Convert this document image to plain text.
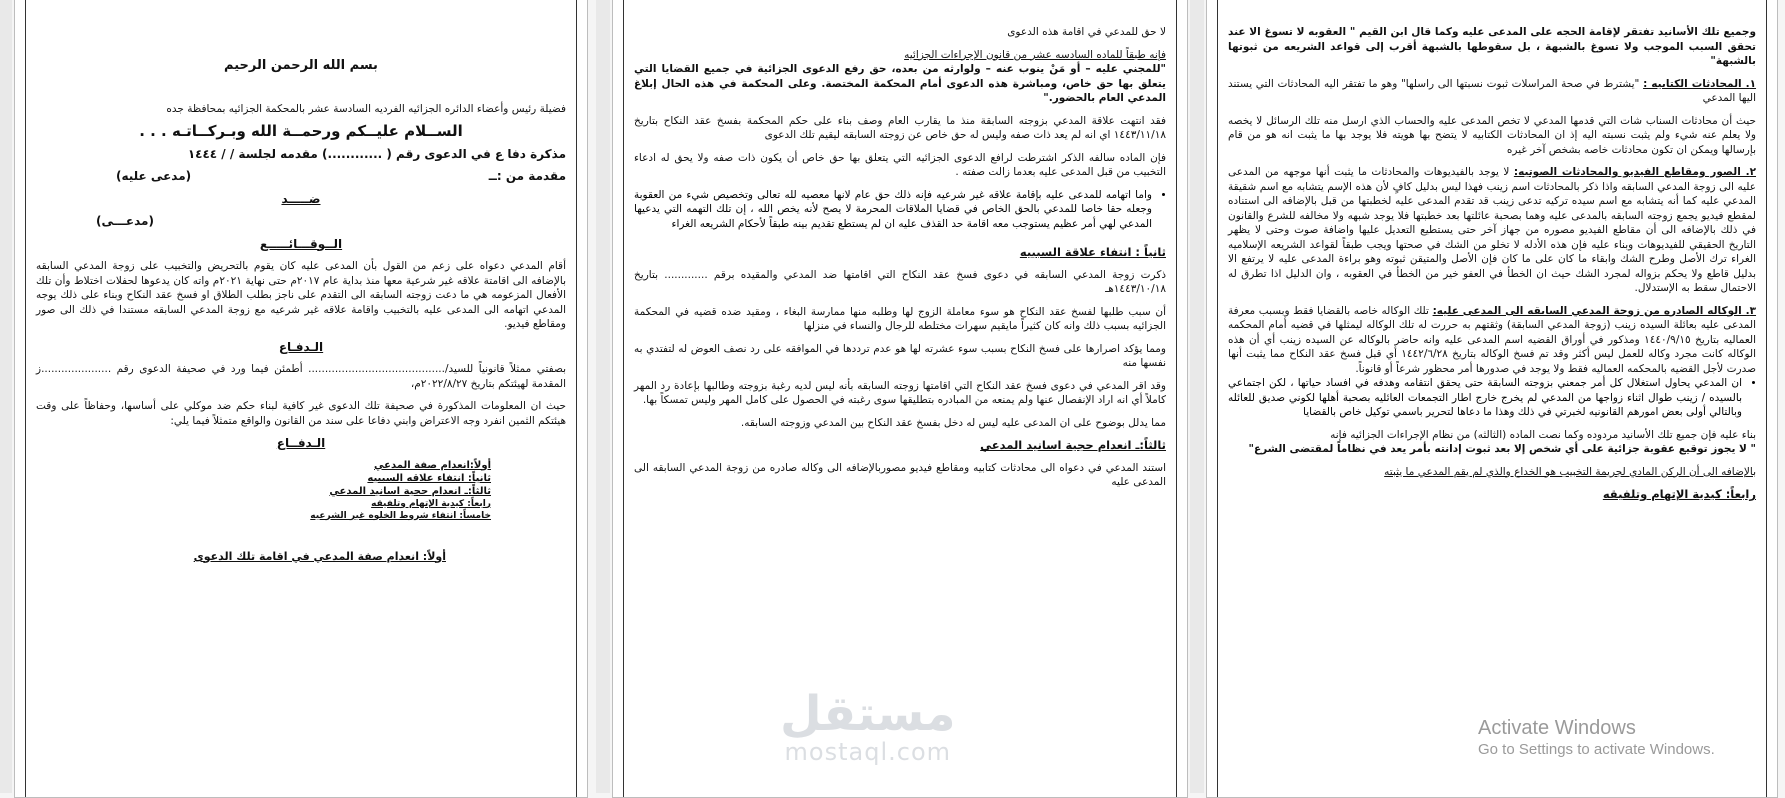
بسم الله الرحمن الرحيم

فضيلة رئيس وأعضاء الدائره الجزائيه الفرديه السادسة عشر بالمحكمة الجزائيه بمحافظة جده

الســلام عليــكم ورحمــة الله وبـركــاتـه . . .

مذكرة دفا ع في الدعوى رقم ( ............) مقدمه لجلسة / / ١٤٤٤

مقدمة من :ــ
(مدعى عليه)

ضـــــد

(مدعـــى)

الــوقـــائـــــع

أقام المدعي دعواه على زعم من القول بأن المدعى عليه كان يقوم بالتحريض والتخبيب على زوجة المدعي السابقه بالإضافه الى اقامتة علاقه غير شرعية معها منذ بداية عام ٢٠١٧م حتى نهاية ٢٠٢١م واته كان يدعوها لحفلات اختلاط وأن تلك الأفعال المزعومه هي ما دعت زوجته السابقه الى التقدم على ناجز بطلب الطلاق او فسخ عقد النكاح وبناء على ذلك يوجه المدعي اتهامه الى المدعى عليه بالتخبيب واقامة علاقه غير شرعيه مع زوجة المدعي السابقه مستندا في ذلك الى صور ومقاطع فيديو.

الـدفـاع

بصفتي ممثلاً قانونياً للسيد/......................................... أطمئن فيما ورد في صحيفة الدعوى رقم .....................ز المقدمة لهيئتكم بتاريخ ٢٠٢٢/٨/٢٧م،

حيث ان المعلومات المذكورة في صحيفة تلك الدعوى غير كافية لبناء حكم ضد موكلي على أساسها، وحفاظاً على وقت هيئتكم الثمين انفرد وجه الاعتراض وابني دفاعا على سند من القانون والواقع متمثلاً فيما يلي:

الـدفــاع

أولاً:انعدام صفة المدعي

ثانياً: انتفاء علاقه السببيه

ثالثاً:ـ انعدام حجية اسانيد المدعي

رابعاً: كيدية الإتهام وتلفيقه

خامساً: انتفاء شروط الخلوه غير الشرعيه

أولاً: انعدام صفة المدعي في اقامة تلك الدعوى

لا حق للمدعي في اقامة هذه الدعوى

فإنه طبقاً للماده السادسه عشر من قانون الإجراءات الجزائيه

"للمجني عليه – أو مَنْ ينوب عنه – ولوارثه من بعده، حق رفع الدعوى الجزائية في جميع القضايا التي يتعلق بها حق خاص، ومباشرة هذه الدعوى أمام المحكمة المختصة. وعلى المحكمة في هذه الحال إبلاغ المدعي العام بالحضور."

فقد انتهت علاقة المدعي بزوجته السابقة منذ ما يقارب العام وصف بناء على حكم المحكمة بفسخ عقد النكاح بتاريخ ١٤٤٣/١١/١٨ اي انه لم يعد ذات صفه وليس له حق خاص عن زوجته السابقه ليقيم تلك الدعوى

فإن الماده سالفه الذكر اشترطت لرافع الدعوى الجزائيه التي يتعلق بها حق خاص أن يكون ذات صفه ولا يحق له ادعاء التخبيب من قبل المدعى عليه بعدما زالت صفته .

• واما اتهامه للمدعى عليه بإقامة علاقه غير شرعيه فإنه ذلك حق عام لانها معصيه لله تعالى وتخصيص شيء من العقوبة وجعله حقا خاصا للمدعي بالحق الخاص في قضايا الملاقات المحرمة لا يصح لأنه يخص الله ، إن تلك التهمه التي يدعيها المدعي لهي أمر عظيم يستوجب معه اقامة حد القذف عليه ان لم يستطع تقديم بينه طبقاً لأحكام الشريعه الغراء

ثانياً : انتفاء علاقة السببيه

ذكرت زوجة المدعي السابقه في دعوى فسخ عقد النكاح التي اقامتها ضد المدعي والمقيده برقم ............. بتاريخ ١٤٤٣/١٠/١٨هـ

أن سبب طلبها لفسخ عقد النكاح هو سوء معاملة الزوج لها وطلبه منها ممارسة البغاء ، ومقيد ضده قضيه في المحكمة الجزائيه بسبب ذلك وانه كان كثيراً مايقيم سهرات مختلطه للرجال والنساء في منزلها

ومما يؤكد اصرارها على فسخ النكاح بسبب سوء عشرته لها هو عدم ترددها في الموافقه على رد نصف العوض له لتفتدي به نفسها منه

وقد اقر المدعي في دعوى فسخ عقد النكاح التي اقامتها زوجته السابقه بأنه ليس لديه رغبة بزوجته وطالبها بإعادة رد المهر كاملاً أي انه اراد الإنفصال عنها ولم يمنعه من المبادره بتطليقها سوى رغبته في الحصول على كامل المهر وليس تمسكاً بها.

مما يدلل بوضوح على ان المدعى عليه ليس له دخل بفسخ عقد النكاح بين المدعي وزوجته السابقه.

ثالثاً:ـ انعدام حجية اسانيد المدعي

استند المدعي في دعواه الى محادثات كتابيه ومقاطع فيديو مصوربالإضافه الى وكاله صادره من زوجة المدعي السابقه الى المدعى عليه

وجميع تلك الأسانيد تفتقر لإقامة الحجه على المدعى عليه وكما قال ابن القيم " العقوبه لا تسوغ الا عند تحقق السبب الموجب ولا تسوغ بالشبهة ، بل سقوطها بالشبهة أقرب إلى قواعد الشريعه من ثبوتها بالشبهة"

١. المحادثات الكتابيه : "يشترط في صحة المراسلات ثبوت نسبتها الى راسلها" وهو ما تفتقر اليه المحادثات التي يستند اليها المدعي

حيث أن محادثات السناب شات التي قدمها المدعي لا تخص المدعى عليه والحساب الذي ارسل منه تلك الرسائل لا يخصه ولا يعلم عنه شيء ولم يثبت نسبته اليه إذ ان المحادثات الكتابيه لا يتضح بها هويته فلا يوجد بها ما يثبت انه هو من قام بإرسالها ويمكن ان تكون محادثات خاصه بشخص آخر غيره

٢. الصور ومقاطع الفيديو والمحادثات الصوتيه: لا يوجد بالفيديوهات والمحادثات ما يثبت أنها موجهه من المدعى عليه الى زوجة المدعي السابقه واذا ذكر بالمحادثات اسم زينب فهذا ليس بدليل كافٍ لأن هذه الإسم يتشابه مع اسم شقيقة المدعي عليه كما أنه يتشابه مع اسم سيده تركيه تدعى زينب قد تقدم المدعى عليه لخطبتها من قبل بالإضافه الى استناده لمقطع فيديو يجمع زوجته السابقه بالمدعى عليه وهما بصحبة عائلتها بعد خطبتها فلا يوجد شبهه ولا مخالفه للشرع والقانون في ذلك بالإضافه الى أن مقاطع الفيديو مصوره من جهاز آخر حتى يستطيع التعديل عليها واضافة صوت وحتى لا يظهر التاريخ الحقيقي للفيديوهات وبناء عليه فإن هذه الأدله لا تخلو من الشك في صحتها ويجب طبقاً لقواعد الشريعه الإسلاميه الغراء ترك الأصل وطرح الشك وابقاء ما كان على ما كان فإن الأصل والمتيقن ثبوته وهو براءة المدعى عليه لا يرتفع الا بدليل قاطع ولا يحكم بزواله لمجرد الشك حيث ان الخطأ في العفو خير من الخطأ في العقوبه ، وان الدليل اذا تطرق له الاحتمال سقط به الإستدلال.

٣. الوكاله الصادره من زوجة المدعي السابقه الى المدعى عليه: تلك الوكاله خاصه بالقضايا فقط وبسبب معرفة المدعى عليه بعائلة السيده زينب (زوجة المدعي السابقة) وثقتهم به حررت له تلك الوكاله ليمثلها في قضيه أمام المحكمه العماليه بتاريخ ١٤٤٠/٩/١٥ ومذكور في أوراق القضيه اسم المدعى عليه وانه حاضر بالوكاله عن السيده زينب أي أن هذه الوكاله كانت مجرد وكاله للعمل ليس أكثر وقد تم فسخ الوكاله بتاريخ ١٤٤٢/٦/٢٨ أي قبل فسخ عقد النكاح مما يثبت أنها صدرت لأجل القضيه بالمحكمه العماليه فقط ولا يوجد في صدورها أمر محظور شرعاً أو قانوناً.

• ان المدعي يحاول استغلال كل أمر جمعني بزوجته السابقة حتى يحقق انتقامه وهدفه في افساد حياتها ، لكن اجتماعي بالسيده / زينب طوال اثناء زواجها من المدعي لم يخرج خارج اطار التجمعات العائليه بصحبة أهلها لكوني صديق للعائله وبالتالي أولى بعض امورهم القانونيه لخبرتي في ذلك وهذا ما دعاها لتحرير باسمي توكيل خاص بالقضايا

بناء عليه فإن جميع تلك الأسانيد مردوده وكما نصت الماده (الثالثه) من نظام الإجراءات الجزائيه فإنه

" لا يجوز توقيع عقوبة جزائية على أي شخص إلا بعد ثبوت إدانته بأمر يعد في نظاماً لمقتضى الشرع"

بالإضافه الى أن الركن المادي لجريمة التخبيب هو الخداع والذي لم يقم المدعي ما يثبته

رابعاً: كيدية الإتهام وتلفيقه

مستقل
mostaql.com
Activate Windows
Go to Settings to activate Windows.
